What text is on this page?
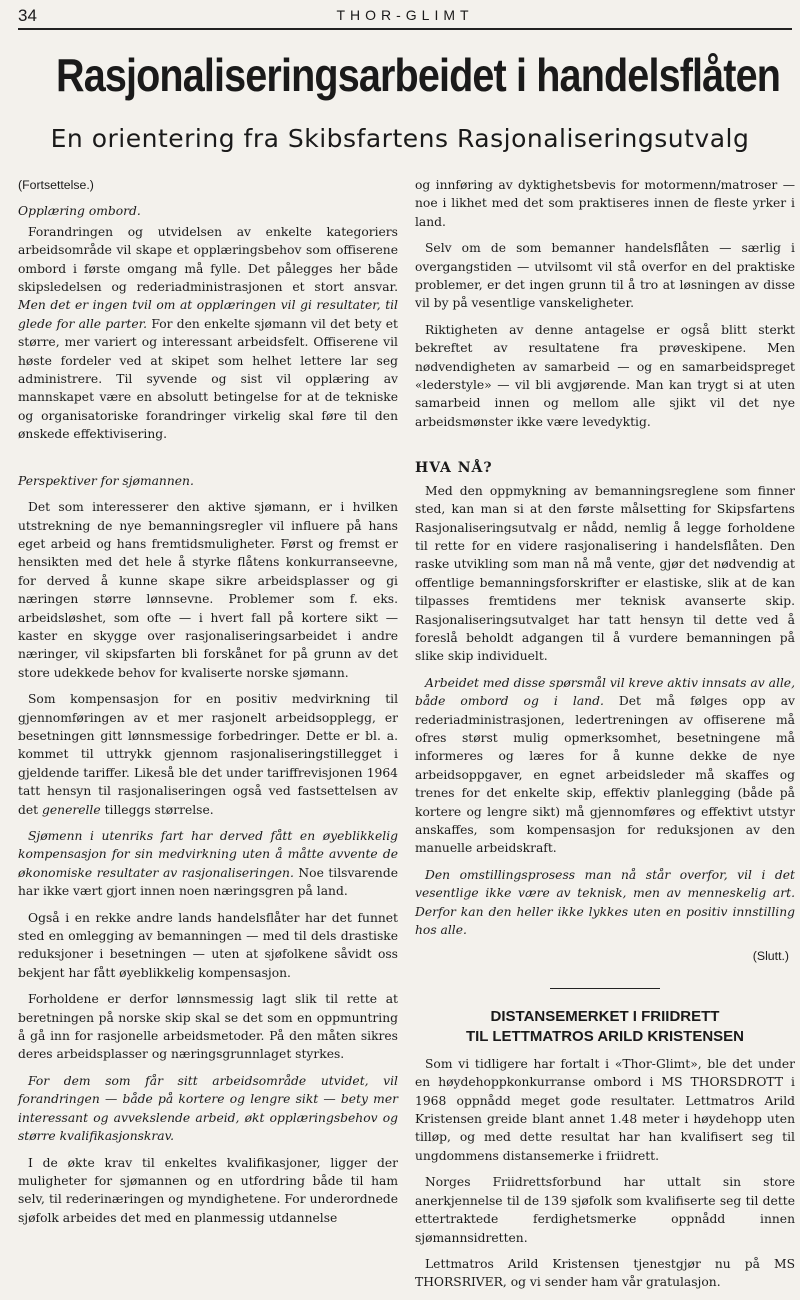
34	THOR-GLIMT
Rasjonaliseringsarbeidet i handelsflåten
En orientering fra Skibsfartens Rasjonaliseringsutvalg
(Fortsettelse.)
Opplæring ombord.

Forandringen og utvidelsen av enkelte kategoriers arbeidsområde vil skape et opplæringsbehov som offiserene ombord i første omgang må fylle. Det pålegges her både skipsledelsen og rederiadministrasjonen et stort ansvar. Men det er ingen tvil om at opplæringen vil gi resultater, til glede for alle parter. For den enkelte sjømann vil det bety et større, mer variert og interessant arbeidsfelt. Offiserene vil høste fordeler ved at skipet som helhet lettere lar seg administrere. Til syvende og sist vil opplæring av mannskapet være en absolutt betingelse for at de tekniske og organisatoriske forandringer virkelig skal føre til den ønskede effektivisering.

Perspektiver for sjømannen.

Det som interesserer den aktive sjømann, er i hvilken utstrekning de nye bemanningsregler vil influere på hans eget arbeid og hans fremtidsmuligheter. Først og fremst er hensikten med det hele å styrke flåtens konkurranseevne, for derved å kunne skape sikre arbeidsplasser og gi næringen større lønnsevne. Problemer som f. eks. arbeidsløshet, som ofte — i hvert fall på kortere sikt — kaster en skygge over rasjonaliseringsarbeidet i andre næringer, vil skipsfarten bli forskånet for på grunn av det store udekkede behov for kvaliserte norske sjømann.

Som kompensasjon for en positiv medvirkning til gjennomføringen av et mer rasjonelt arbeidsopplegg, er besetningen gitt lønnsmessige forbedringer. Dette er bl. a. kommet til uttrykk gjennom rasjonaliseringstillegget i gjeldende tariffer. Likeså ble det under tariffrevisjonen 1964 tatt hensyn til rasjonaliseringen også ved fastsettelsen av det generelle tilleggs størrelse.

Sjømenn i utenriks fart har derved fått en øyeblikkelig kompensasjon for sin medvirkning uten å måtte avvente de økonomiske resultater av rasjonaliseringen. Noe tilsvarende har ikke vært gjort innen noen næringsgren på land.

Også i en rekke andre lands handelsflåter har det funnet sted en omlegging av bemanningen — med til dels drastiske reduksjoner i besetningen — uten at sjøfolkene såvidt oss bekjent har fått øyeblikkelig kompensasjon.

Forholdene er derfor lønnsmessig lagt slik til rette at beretningen på norske skip skal se det som en oppmuntring å gå inn for rasjonelle arbeidsmetoder. På den måten sikres deres arbeidsplasser og næringsgrunnlaget styrkes.

For dem som får sitt arbeidsområde utvidet, vil forandringen — både på kortere og lengre sikt — bety mer interessant og avvekslende arbeid, økt opplæringsbehov og større kvalifikasjonskrav.

I de økte krav til enkeltes kvalifikasjoner, ligger der muligheter for sjømannen og en utfordring både til ham selv, til rederinæringen og myndighetene. For underordnede sjøfolk arbeides det med en planmessig utdannelse

og innføring av dyktighetsbevis for motormenn/matroser — noe i likhet med det som praktiseres innen de fleste yrker i land.

Selv om de som bemanner handelsflåten — særlig i overgangstiden — utvilsomt vil stå overfor en del praktiske problemer, er det ingen grunn til å tro at løsningen av disse vil by på vesentlige vanskeligheter.

Riktigheten av denne antagelse er også blitt sterkt bekreftet av resultatene fra prøveskipene. Men nødvendigheten av samarbeid — og en samarbeidspreget «lederstyle» — vil bli avgjørende. Man kan trygt si at uten samarbeid innen og mellom alle sjikt vil det nye arbeidsmønster ikke være levedyktig.

HVA NÅ?

Med den oppmykning av bemanningsreglene som finner sted, kan man si at den første målsetting for Skipsfartens Rasjonaliseringsutvalg er nådd, nemlig å legge forholdene til rette for en videre rasjonalisering i handelsflåten. Den raske utvikling som man nå må vente, gjør det nødvendig at offentlige bemanningsforskrifter er elastiske, slik at de kan tilpasses fremtidens mer teknisk avanserte skip. Rasjonaliseringsutvalget har tatt hensyn til dette ved å foreslå beholdt adgangen til å vurdere bemanningen på slike skip individuelt.

Arbeidet med disse spørsmål vil kreve aktiv innsats av alle, både ombord og i land. Det må følges opp av rederiadministrasjonen, ledertreningen av offiserene må ofres størst mulig opmerksomhet, besetningene må informeres og læres for å kunne dekke de nye arbeidsoppgaver, en egnet arbeidsleder må skaffes og trenes for det enkelte skip, effektiv planlegging (både på kortere og lengre sikt) må gjennomføres og effektivt utstyr anskaffes, som kompensasjon for reduksjonen av den manuelle arbeidskraft.

Den omstillingsprosess man nå står overfor, vil i det vesentlige ikke være av teknisk, men av menneskelig art. Derfor kan den heller ikke lykkes uten en positiv innstilling hos alle.

(Slutt.)
DISTANSEMERKET I FRIIDRETT
TIL LETTMATROS ARILD KRISTENSEN

Som vi tidligere har fortalt i «Thor-Glimt», ble det under en høydehoppkonkurranse ombord i MS THORSDROTT i 1968 oppnådd meget gode resultater. Lettmatros Arild Kristensen greide blant annet 1.48 meter i høydehopp uten tilløp, og med dette resultat har han kvalifisert seg til ungdommens distansemerke i friidrett.

Norges Friidrettsforbund har uttalt sin store anerkjennelse til de 139 sjøfolk som kvalifiserte seg til dette ettertraktede ferdighetsmerke oppnådd innen sjømannsidretten.

Lettmatros Arild Kristensen tjenestgjør nu på MS THORSRIVER, og vi sender ham vår gratulasjon.
